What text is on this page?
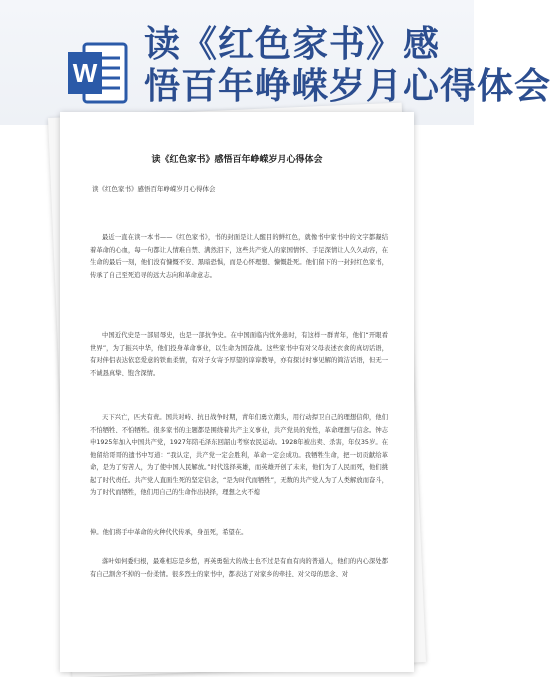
W
读《红色家书》感
悟百年峥嵘岁月心得体会
读《红色家书》感悟百年峥嵘岁月心得体会
读《红色家书》感悟百年峥嵘岁月心得体会

最近一直在读一本书——《红色家书》，书的封面是让人醒目的鲜红色，就像书中家书中的文字都凝结着革命的心血，每一句都让人情难自禁、满然泪下，这些共产党人的家国情怀、手足深情让人久久动容，在生命的最后一刻，他们没有慷慨不安、黑暗恐惧，而是心怀理想、慷慨赴死。他们留下的一封封红色家书，传承了自己至死追寻的远大志向和革命意志。

中国近代史是一部屈辱史，也是一部抗争史。在中国面临内忧外患时，有这样一群青年，他们“开眼看世界”，为了振兴中华，他们投身革命事业，以生命为国奋战。这些家书中有对父母表述衣食的真切话语，有对伴侣表达依恋爱意的铁血柔情，有对子女寄予厚望的谆谆教导，亦有探讨时事见解的简洁话语，但无一不诚恳真挚、饱含深情。

天下兴亡，匹夫有责。国共对峙、抗日战争时期，青年们勇立潮头，用行动捍卫自己的理想信仰，他们不怕牺牲、不怕牺牲。很多家书的主题都是围绕着共产主义事业，共产党员的党性，革命理想与信念。钟志申1925年加入中国共产党，1927年陪毛泽东回韶山考察农民运动。1928年被出卖、杀害，年仅35岁。在他留给哥哥的遗书中写道：“我认定，共产党一定会胜利，革命一定会成功。我牺牲生命，把一切贡献给革命，是为了穷苦人，为了使中国人民解放。”时代选择英雄，而英雄开创了未来，他们为了人民而死，他们挑起了时代责任。共产党人直面生死的坚定信念，“是为时代而牺牲”，无数的共产党人为了人类解放而奋斗，为了时代而牺牲，他们用自己的生命作出抉择，理想之火不熄

伸。他们将手中革命的火种代代传承，身虽死，希望在。

落叶如何委归根，最难相忘是乡愁，再英勇强大的战士也不过是有血有肉的普通人，他们的内心深处都有自己割舍不掉的一份柔情。很多烈士的家书中，都表达了对家乡的牵挂、对父母的思念、对
